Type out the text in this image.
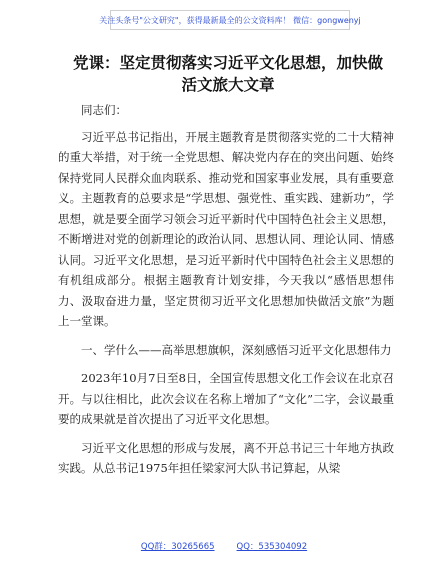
关注头条号"公文研究"，获得最新最全的公文资料库！ 微信：gongwenyj
党课：坚定贯彻落实习近平文化思想，加快做活文旅大文章

同志们：

习近平总书记指出，开展主题教育是贯彻落实党的二十大精神的重大举措，对于统一全党思想、解决党内存在的突出问题、始终保持党同人民群众血肉联系、推动党和国家事业发展，具有重要意义。主题教育的总要求是“学思想、强党性、重实践、建新功”，学思想，就是要全面学习领会习近平新时代中国特色社会主义思想，不断增进对党的创新理论的政治认同、思想认同、理论认同、情感认同。习近平文化思想，是习近平新时代中国特色社会主义思想的有机组成部分。根据主题教育计划安排，今天我以“感悟思想伟力、汲取奋进力量，坚定贯彻习近平文化思想加快做活文旅”为题上一堂课。

一、学什么——高举思想旗帜，深刻感悟习近平文化思想伟力

2023年10月7日至8日，全国宣传思想文化工作会议在北京召开。与以往相比，此次会议在名称上增加了“文化”二字，会议最重要的成果就是首次提出了习近平文化思想。

习近平文化思想的形成与发展，离不开总书记三十年地方执政实践。从总书记1975年担任梁家河大队书记算起，从梁

QQ群：30265665	QQ：535304092
